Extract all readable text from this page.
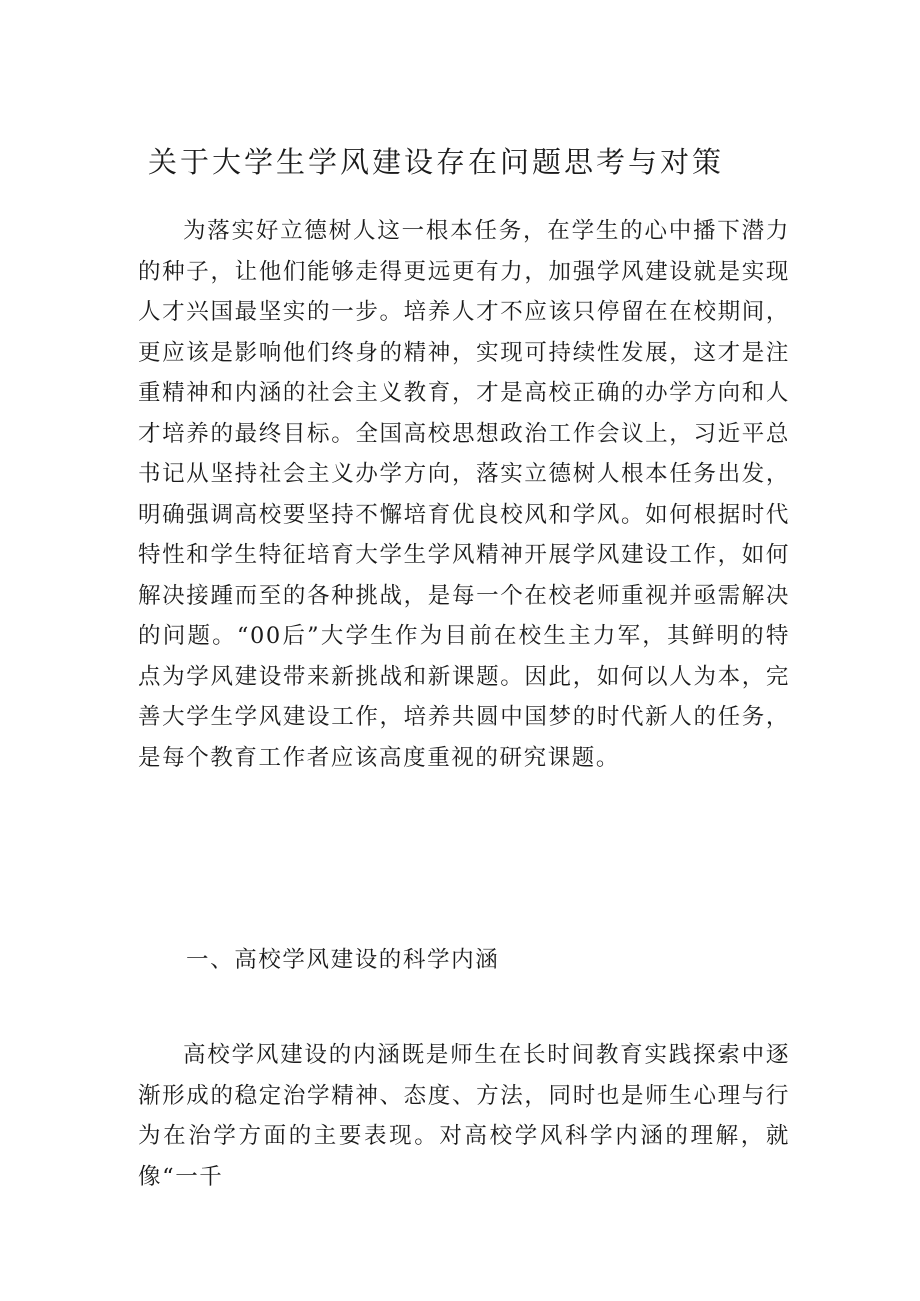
关于大学生学风建设存在问题思考与对策

为落实好立德树人这一根本任务，在学生的心中播下潜力的种子，让他们能够走得更远更有力，加强学风建设就是实现人才兴国最坚实的一步。培养人才不应该只停留在在校期间，更应该是影响他们终身的精神，实现可持续性发展，这才是注重精神和内涵的社会主义教育，才是高校正确的办学方向和人才培养的最终目标。全国高校思想政治工作会议上，习近平总书记从坚持社会主义办学方向，落实立德树人根本任务出发，明确强调高校要坚持不懈培育优良校风和学风。如何根据时代特性和学生特征培育大学生学风精神开展学风建设工作，如何解决接踵而至的各种挑战，是每一个在校老师重视并亟需解决的问题。“00后”大学生作为目前在校生主力军，其鲜明的特点为学风建设带来新挑战和新课题。因此，如何以人为本，完善大学生学风建设工作，培养共圆中国梦的时代新人的任务，是每个教育工作者应该高度重视的研究课题。

一、高校学风建设的科学内涵

高校学风建设的内涵既是师生在长时间教育实践探索中逐渐形成的稳定治学精神、态度、方法，同时也是师生心理与行为在治学方面的主要表现。对高校学风科学内涵的理解，就像“一千
